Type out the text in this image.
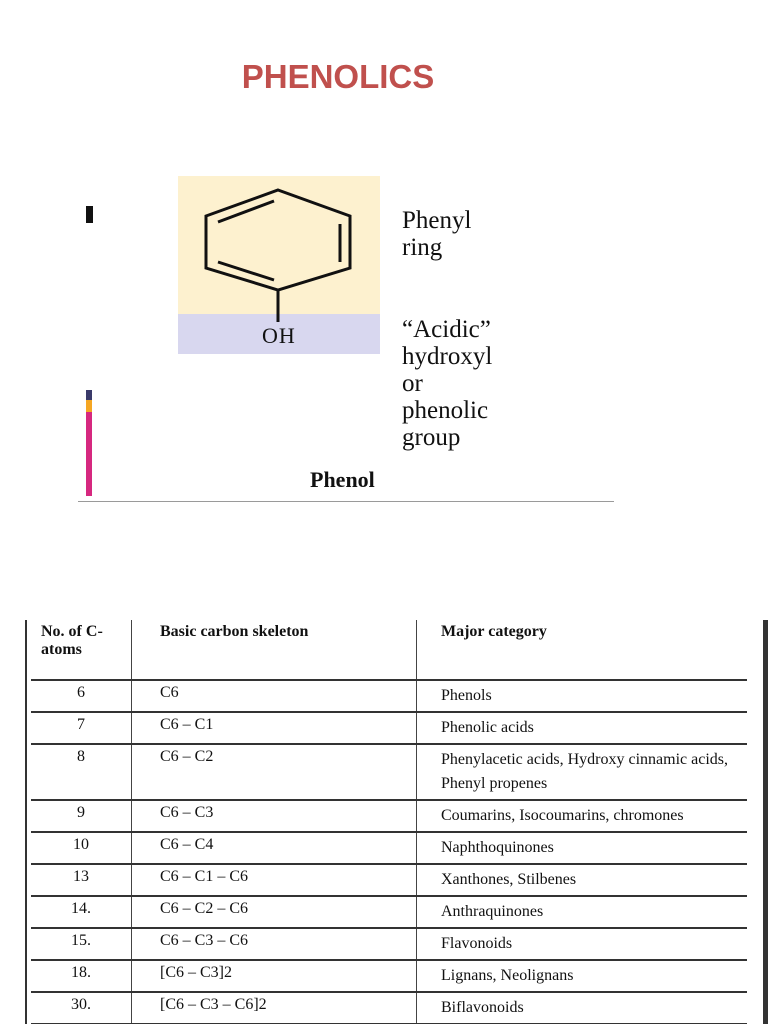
PHENOLICS
OH
Phenyl
ring
“Acidic”
hydroxyl
or
phenolic
group
Phenol
No. of C-atoms	Basic carbon skeleton	Major category
6	C6	Phenols
7	C6 – C1	Phenolic acids
8	C6 – C2	Phenylacetic acids, Hydroxy cinnamic acids, Phenyl propenes
9	C6 – C3	Coumarins, Isocoumarins, chromones
10	C6 – C4	Naphthoquinones
13	C6 – C1 – C6	Xanthones, Stilbenes
14.	C6 – C2 – C6	Anthraquinones
15.	C6 – C3 – C6	Flavonoids
18.	[C6 – C3]2	Lignans, Neolignans
30.	[C6 – C3 – C6]2	Biflavonoids
